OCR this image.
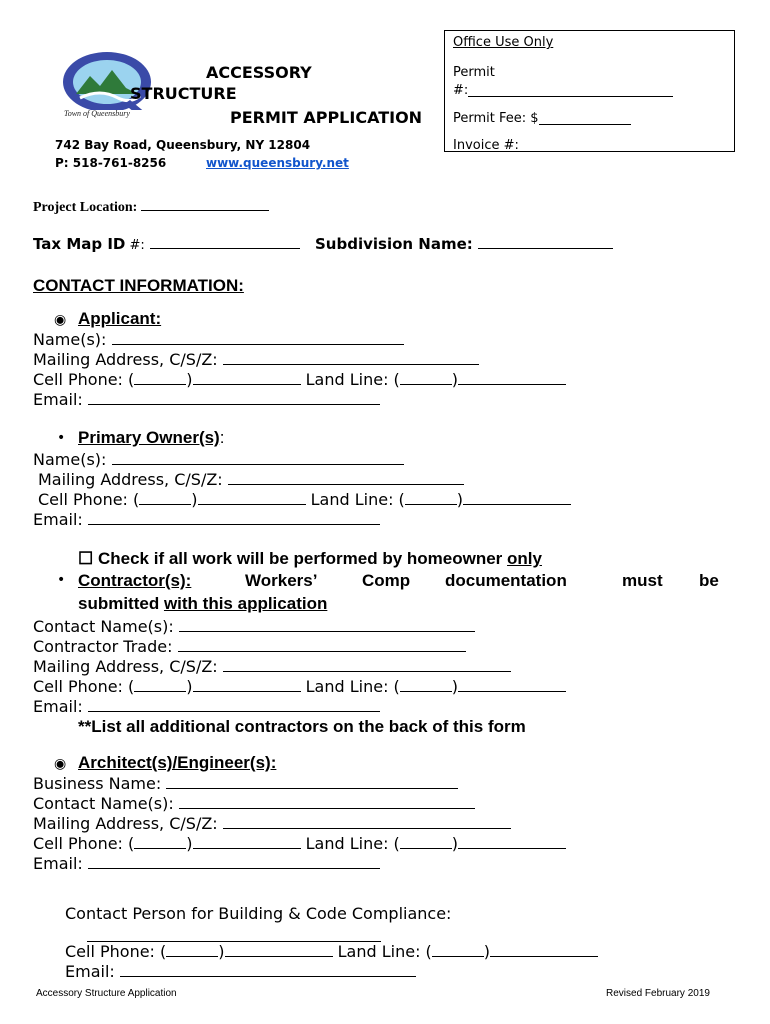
Town of Queensbury
ACCESSORY
STRUCTURE
PERMIT APPLICATION
742 Bay Road, Queensbury, NY 12804
P: 518-761-8256	www.queensbury.net
Office Use Only
Permit
#:
Permit Fee: $
Invoice #:
Project Location:
Tax Map ID #:	Subdivision Name:
CONTACT INFORMATION:
◉ Applicant:
Name(s):
Mailing Address, C/S/Z:
Cell Phone: (	)	Land Line: (	)
Email:
• Primary Owner(s):
Name(s):
Mailing Address, C/S/Z:
Cell Phone: (	)	Land Line: (	)
Email:
☐ Check if all work will be performed by homeowner only
• Contractor(s):	Workers’	Comp documentation	must be
submitted with this application
Contact Name(s):
Contractor Trade:
Mailing Address, C/S/Z:
Cell Phone: (	)	Land Line: (	)
Email:
**List all additional contractors on the back of this form
◉ Architect(s)/Engineer(s):
Business Name:
Contact Name(s):
Mailing Address, C/S/Z:
Cell Phone: (	)	Land Line: (	)
Email:
Contact Person for Building & Code Compliance:
Cell Phone: (	)	Land Line: (	)
Email:
Accessory Structure Application	Revised February 2019
